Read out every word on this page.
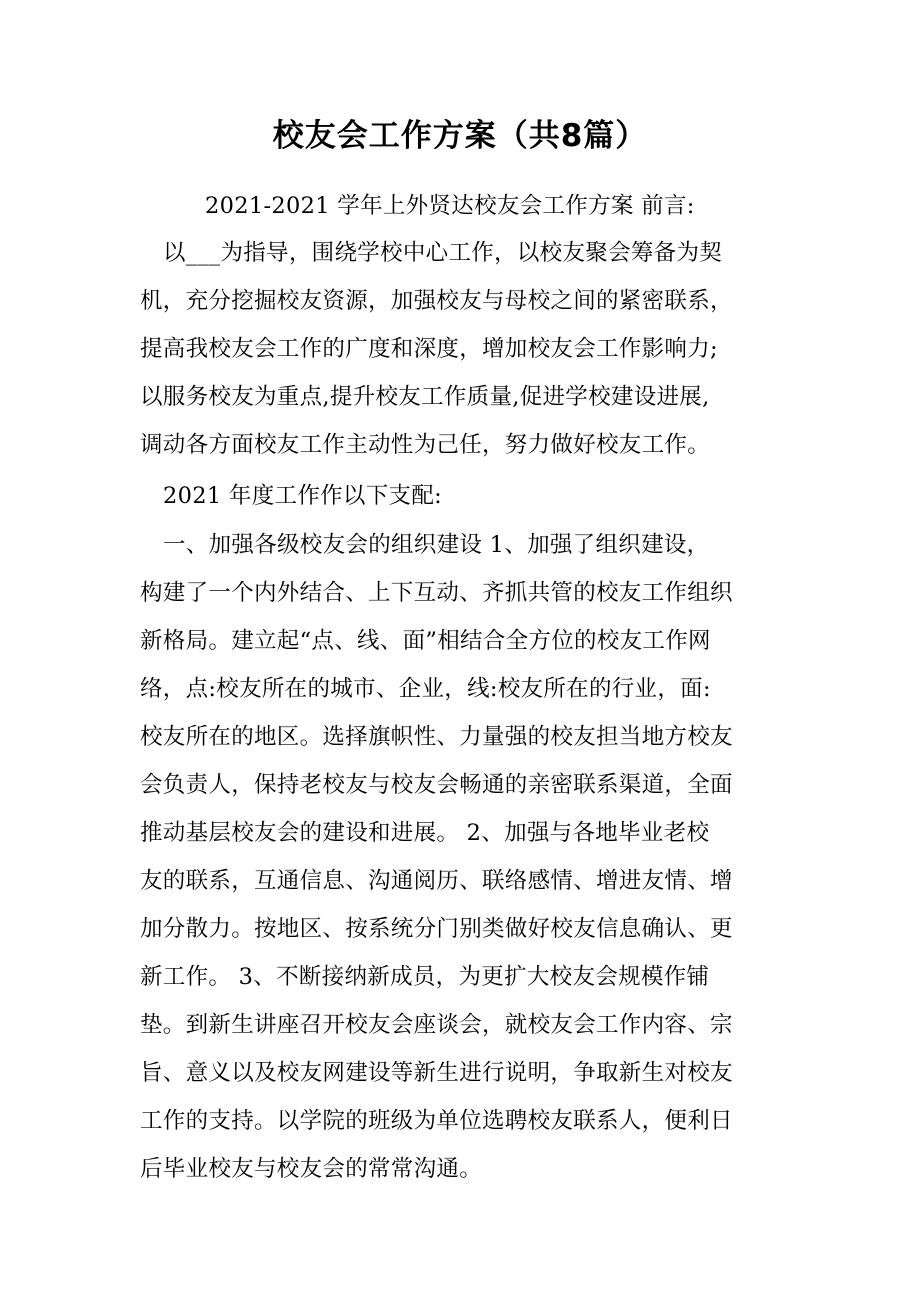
校友会工作方案（共8篇）
2021-2021 学年上外贤达校友会工作方案 前言:
以___为指导，围绕学校中心工作，以校友聚会筹备为契
机，充分挖掘校友资源，加强校友与母校之间的紧密联系，
提高我校友会工作的广度和深度，增加校友会工作影响力;
以服务校友为重点,提升校友工作质量,促进学校建设进展,
调动各方面校友工作主动性为己任，努力做好校友工作。
2021 年度工作作以下支配:
一、加强各级校友会的组织建设 1、加强了组织建设，
构建了一个内外结合、上下互动、齐抓共管的校友工作组织
新格局。建立起“点、线、面”相结合全方位的校友工作网
络，点:校友所在的城市、企业，线:校友所在的行业，面:
校友所在的地区。选择旗帜性、力量强的校友担当地方校友
会负责人，保持老校友与校友会畅通的亲密联系渠道，全面
推动基层校友会的建设和进展。 2、加强与各地毕业老校
友的联系，互通信息、沟通阅历、联络感情、增进友情、增
加分散力。按地区、按系统分门别类做好校友信息确认、更
新工作。 3、不断接纳新成员，为更扩大校友会规模作铺
垫。到新生讲座召开校友会座谈会，就校友会工作内容、宗
旨、意义以及校友网建设等新生进行说明，争取新生对校友
工作的支持。以学院的班级为单位选聘校友联系人，便利日
后毕业校友与校友会的常常沟通。
